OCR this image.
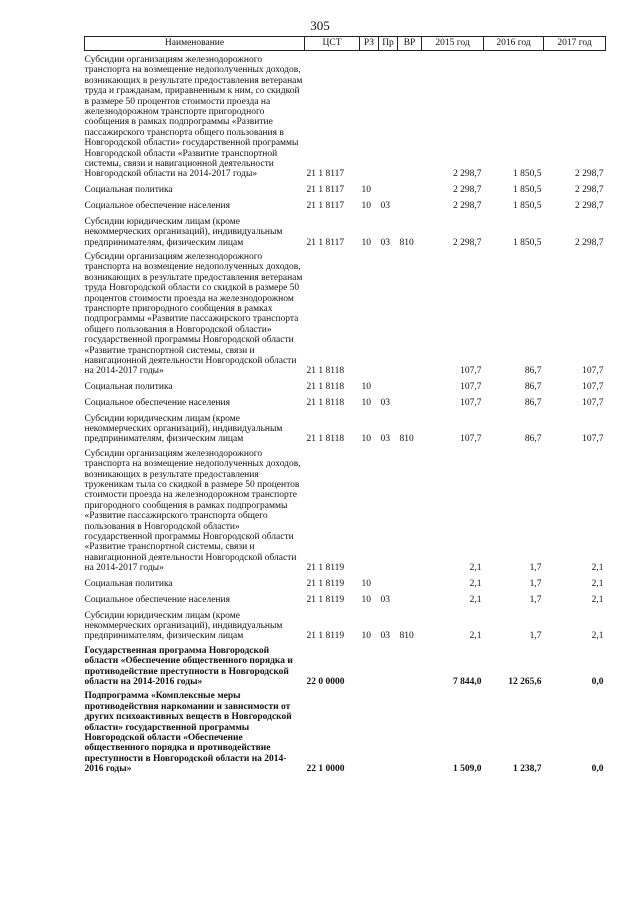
305
Наименование	ЦСТ	РЗ	Пр	ВР	2015 год	2016 год	2017 год
Субсидии организациям железнодорожного транспорта на возмещение недополученных доходов, возникающих в результате предоставления ветеранам труда и гражданам, приравненным к ним, со скидкой в размере 50 процентов стоимости проезда на железнодорожном транспорте пригородного сообщения в рамках подпрограммы «Развитие пассажирского транспорта общего пользования в Новгородской области» государственной программы Новгородской области «Развитие транспортной системы, связи и навигационной деятельности Новгородской области на 2014-2017 годы»	21 1 8117				2 298,7	1 850,5	2 298,7
Социальная политика	21 1 8117	10			2 298,7	1 850,5	2 298,7
Социальное обеспечение населения	21 1 8117	10	03		2 298,7	1 850,5	2 298,7
Субсидии юридическим лицам (кроме некоммерческих организаций), индивидуальным предпринимателям, физическим лицам	21 1 8117	10	03	810	2 298,7	1 850,5	2 298,7
Субсидии организациям железнодорожного транспорта на возмещение недополученных доходов, возникающих в результате предоставления ветеранам труда Новгородской области со скидкой в размере 50 процентов стоимости проезда на железнодорожном транспорте пригородного сообщения в рамках подпрограммы «Развитие пассажирского транспорта общего пользования в Новгородской области» государственной программы Новгородской области «Развитие транспортной системы, связи и навигационной деятельности Новгородской области на 2014-2017 годы»	21 1 8118				107,7	86,7	107,7
Социальная политика	21 1 8118	10			107,7	86,7	107,7
Социальное обеспечение населения	21 1 8118	10	03		107,7	86,7	107,7
Субсидии юридическим лицам (кроме некоммерческих организаций), индивидуальным предпринимателям, физическим лицам	21 1 8118	10	03	810	107,7	86,7	107,7
Субсидии организациям железнодорожного транспорта на возмещение недополученных доходов, возникающих в результате предоставления труженикам тыла со скидкой в размере 50 процентов стоимости проезда на железнодорожном транспорте пригородного сообщения в рамках подпрограммы «Развитие пассажирского транспорта общего пользования в Новгородской области» государственной программы Новгородской области «Развитие транспортной системы, связи и навигационной деятельности Новгородской области на 2014-2017 годы»	21 1 8119				2,1	1,7	2,1
Социальная политика	21 1 8119	10			2,1	1,7	2,1
Социальное обеспечение населения	21 1 8119	10	03		2,1	1,7	2,1
Субсидии юридическим лицам (кроме некоммерческих организаций), индивидуальным предпринимателям, физическим лицам	21 1 8119	10	03	810	2,1	1,7	2,1
Государственная программа Новгородской области «Обеспечение общественного порядка и противодействие преступности в Новгородской области на 2014-2016 годы»	22 0 0000				7 844,0	12 265,6	0,0
Подпрограмма «Комплексные меры противодействия наркомании и зависимости от других психоактивных веществ в Новгородской области» государственной программы Новгородской области «Обеспечение общественного порядка и противодействие преступности в Новгородской области на 2014-2016 годы»	22 1 0000				1 509,0	1 238,7	0,0
